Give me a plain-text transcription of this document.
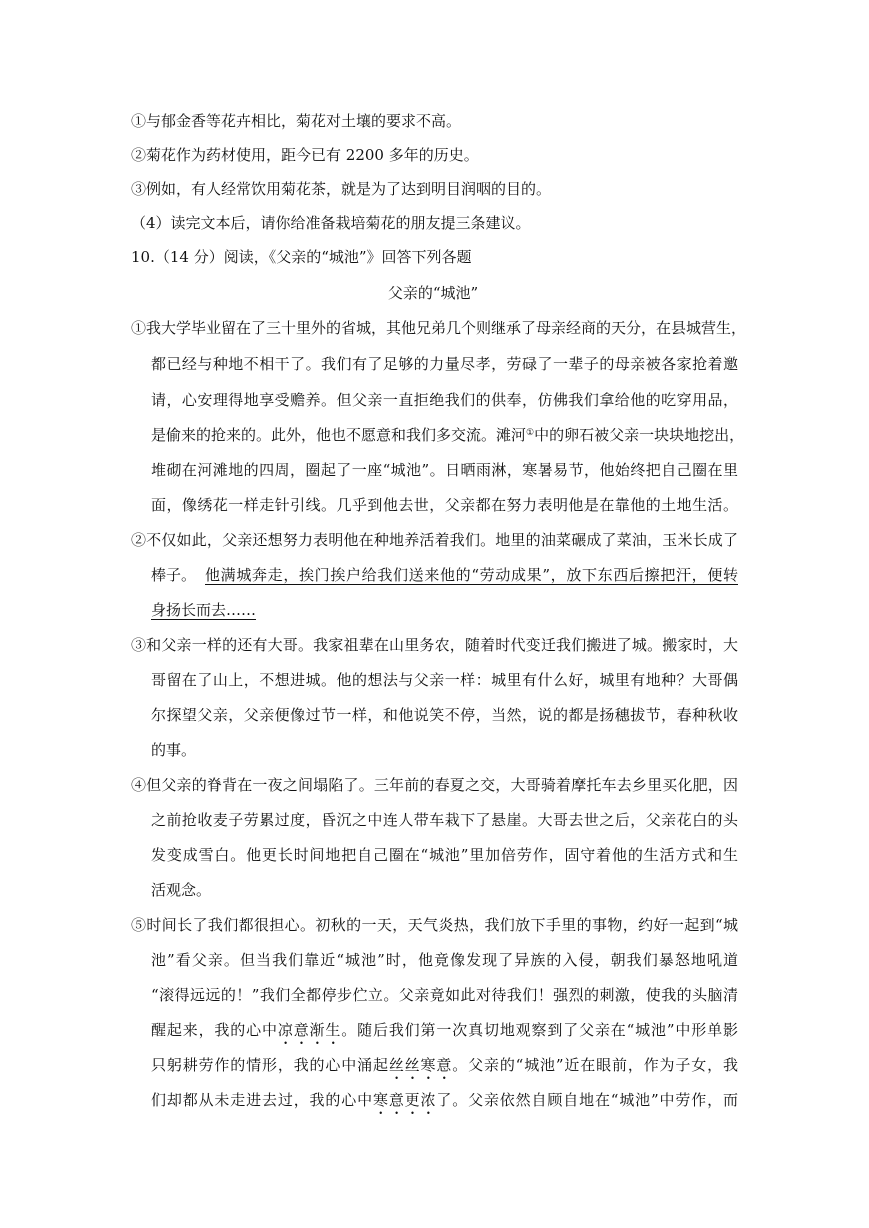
①与郁金香等花卉相比，菊花对土壤的要求不高。
②菊花作为药材使用，距今已有 2200 多年的历史。
③例如，有人经常饮用菊花茶，就是为了达到明目润咽的目的。
（4）读完文本后，请你给准备栽培菊花的朋友提三条建议。
10.（14 分）阅读，《父亲的“城池”》回答下列各题
父亲的“城池”
①我大学毕业留在了三十里外的省城，其他兄弟几个则继承了母亲经商的天分，在县城营生，
都已经与种地不相干了。我们有了足够的力量尽孝，劳碌了一辈子的母亲被各家抢着邀
请，心安理得地享受赡养。但父亲一直拒绝我们的供奉，仿佛我们拿给他的吃穿用品，
是偷来的抢来的。此外，他也不愿意和我们多交流。滩河①中的卵石被父亲一块块地挖出，
堆砌在河滩地的四周，圈起了一座“城池”。日晒雨淋，寒暑易节，他始终把自己圈在里
面，像绣花一样走针引线。几乎到他去世，父亲都在努力表明他是在靠他的土地生活。
②不仅如此，父亲还想努力表明他在种地养活着我们。地里的油菜碾成了菜油，玉米长成了
棒子。 他满城奔走，挨门挨户给我们送来他的“劳动成果”，放下东西后擦把汗，便转
身扬长而去……
③和父亲一样的还有大哥。我家祖辈在山里务农，随着时代变迁我们搬进了城。搬家时，大
哥留在了山上，不想进城。他的想法与父亲一样：城里有什么好，城里有地种？大哥偶
尔探望父亲，父亲便像过节一样，和他说笑不停，当然，说的都是扬穗拔节，春种秋收
的事。
④但父亲的脊背在一夜之间塌陷了。三年前的春夏之交，大哥骑着摩托车去乡里买化肥，因
之前抢收麦子劳累过度，昏沉之中连人带车栽下了悬崖。大哥去世之后，父亲花白的头
发变成雪白。他更长时间地把自己圈在“城池”里加倍劳作，固守着他的生活方式和生
活观念。
⑤时间长了我们都很担心。初秋的一天，天气炎热，我们放下手里的事物，约好一起到“城
池”看父亲。但当我们靠近“城池”时，他竟像发现了异族的入侵，朝我们暴怒地吼道
“滚得远远的！”我们全都停步伫立。父亲竟如此对待我们！强烈的刺激，使我的头脑清
醒起来，我的心中凉意渐生。随后我们第一次真切地观察到了父亲在“城池”中形单影
只躬耕劳作的情形，我的心中涌起丝丝寒意。父亲的“城池”近在眼前，作为子女，我
们却都从未走进去过，我的心中寒意更浓了。父亲依然自顾自地在“城池”中劳作，而
